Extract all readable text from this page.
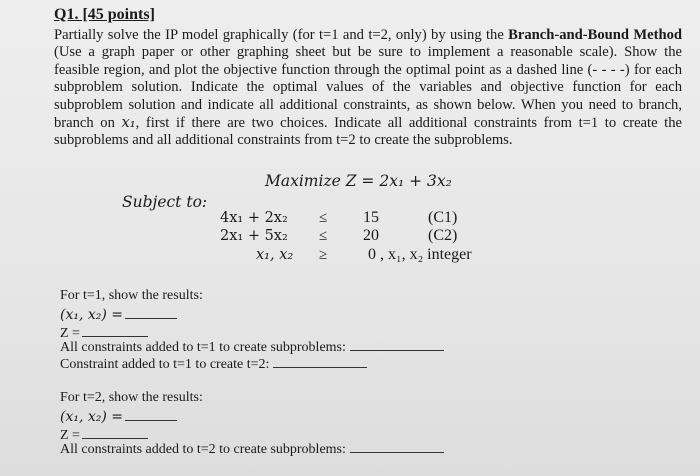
Q1. [45 points]
Partially solve the IP model graphically (for t=1 and t=2, only) by using the Branch-and-Bound Method
(Use a graph paper or other graphing sheet but be sure to implement a reasonable scale). Show the
feasible region, and plot the objective function through the optimal point as a dashed line (- - - -) for each
subproblem solution. Indicate the optimal values of the variables and objective function for each
subproblem solution and indicate all additional constraints, as shown below. When you need to branch,
branch on x₁, first if there are two choices. Indicate all additional constraints from t=1 to create the
subproblems and all additional constraints from t=2 to create the subproblems.
Maximize Z = 2x₁ + 3x₂
Subject to:
4x₁ + 2x₂ ≤ 15	(C1)
2x₁ + 5x₂ ≤ 20	(C2)
x₁, x₂ ≥	0 , x₁, x₂ integer
For t=1, show the results:
(x₁, x₂) =
Z =
All constraints added to t=1 to create subproblems:
Constraint added to t=1 to create t=2:
For t=2, show the results:
(x₁, x₂) =
Z =
All constraints added to t=2 to create subproblems:
